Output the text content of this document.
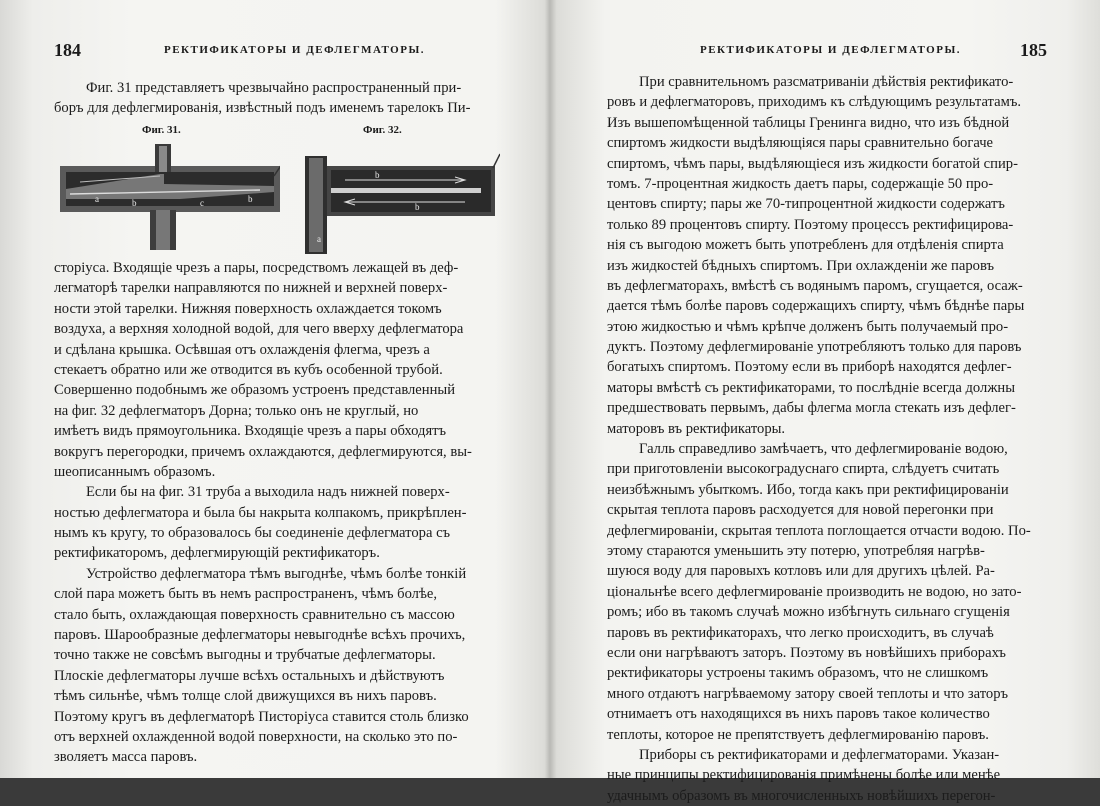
184	РЕКТИФИКАТОРЫ И ДЕФЛЕГМАТОРЫ.
Фиг. 31 представляетъ чрезвычайно распространенный при-
боръ для дефлегмированія, извѣстный подъ именемъ тарелокъ Пи-
Фиг. 31.	Фиг. 32.
a	b	c	b
b
a
b
сторіуса. Входящіе чрезъ a пары, посредствомъ лежащей въ деф-
легматорѣ тарелки направляются по нижней и верхней поверх-
ности этой тарелки. Нижняя поверхность охлаждается токомъ
воздуха, а верхняя холодной водой, для чего вверху дефлегматора
и сдѣлана крышка. Осѣвшая отъ охлажденія флегма, чрезъ a
стекаетъ обратно или же отводится въ кубъ особенной трубой.
Совершенно подобнымъ же образомъ устроенъ представленный
на фиг. 32 дефлегматоръ Дорна; только онъ не круглый, но
имѣетъ видъ прямоугольника. Входящіе чрезъ a пары обходятъ
вокругъ перегородки, причемъ охлаждаются, дефлегмируются, вы-
шеописаннымъ образомъ.
Если бы на фиг. 31 труба a выходила надъ нижней поверх-
ностью дефлегматора и была бы накрыта колпакомъ, прикрѣплен-
нымъ къ кругу, то образовалось бы соединеніе дефлегматора съ
ректификаторомъ, дефлегмирующій ректификаторъ.
Устройство дефлегматора тѣмъ выгоднѣе, чѣмъ болѣе тонкій
слой пара можетъ быть въ немъ распространенъ, чѣмъ болѣе,
стало быть, охлаждающая поверхность сравнительно съ массою
паровъ. Шарообразные дефлегматоры невыгоднѣе всѣхъ прочихъ,
точно также не совсѣмъ выгодны и трубчатые дефлегматоры.
Плоскіе дефлегматоры лучше всѣхъ остальныхъ и дѣйствуютъ
тѣмъ сильнѣе, чѣмъ толще слой движущихся въ нихъ паровъ.
Поэтому кругъ въ дефлегматорѣ Писторіуса ставится столь близко
отъ верхней охлажденной водой поверхности, на сколько это по-
зволяетъ масса паровъ.
РЕКТИФИКАТОРЫ И ДЕФЛЕГМАТОРЫ.	185
При сравнительномъ разсматриваніи дѣйствія ректификато-
ровъ и дефлегматоровъ, приходимъ къ слѣдующимъ результатамъ.
Изъ вышепомѣщенной таблицы Гренинга видно, что изъ бѣдной
спиртомъ жидкости выдѣляющіяся пары сравнительно богаче
спиртомъ, чѣмъ пары, выдѣляющіеся изъ жидкости богатой спир-
томъ. 7-процентная жидкость даетъ пары, содержащіе 50 про-
центовъ спирту; пары же 70-типроцентной жидкости содержатъ
только 89 процентовъ спирту. Поэтому процессъ ректифицирова-
нія съ выгодою можетъ быть употребленъ для отдѣленія спирта
изъ жидкостей бѣдныхъ спиртомъ. При охлажденіи же паровъ
въ дефлегматорахъ, вмѣстѣ съ водянымъ паромъ, сгущается, осаж-
дается тѣмъ болѣе паровъ содержащихъ спирту, чѣмъ бѣднѣе пары
этою жидкостью и чѣмъ крѣпче долженъ быть получаемый про-
дуктъ. Поэтому дефлегмированіе употребляютъ только для паровъ
богатыхъ спиртомъ. Поэтому если въ приборѣ находятся дефлег-
маторы вмѣстѣ съ ректификаторами, то послѣдніе всегда должны
предшествовать первымъ, дабы флегма могла стекать изъ дефлег-
маторовъ въ ректификаторы.
Галль справедливо замѣчаетъ, что дефлегмированіе водою,
при приготовленіи высокоградуснаго спирта, слѣдуетъ считать
неизбѣжнымъ убыткомъ. Ибо, тогда какъ при ректифицированіи
скрытая теплота паровъ расходуется для новой перегонки при
дефлегмированіи, скрытая теплота поглощается отчасти водою. По-
этому стараются уменьшить эту потерю, употребляя нагрѣв-
шуюся воду для паровыхъ котловъ или для другихъ цѣлей. Ра-
ціональнѣе всего дефлегмированіе производить не водою, но зато-
ромъ; ибо въ такомъ случаѣ можно избѣгнуть сильнаго сгущенія
паровъ въ ректификаторахъ, что легко происходитъ, въ случаѣ
если они нагрѣваютъ заторъ. Поэтому въ новѣйшихъ приборахъ
ректификаторы устроены такимъ образомъ, что не слишкомъ
много отдаютъ нагрѣваемому затору своей теплоты и что заторъ
отнимаетъ отъ находящихся въ нихъ паровъ такое количество
теплоты, которое не препятствуетъ дефлегмированію паровъ.
Приборы съ ректификаторами и дефлегматорами. Указан-
ные принципы ректифицированія примѣнены болѣе или менѣе
удачнымъ образомъ въ многочисленныхъ новѣйшихъ перегон-
